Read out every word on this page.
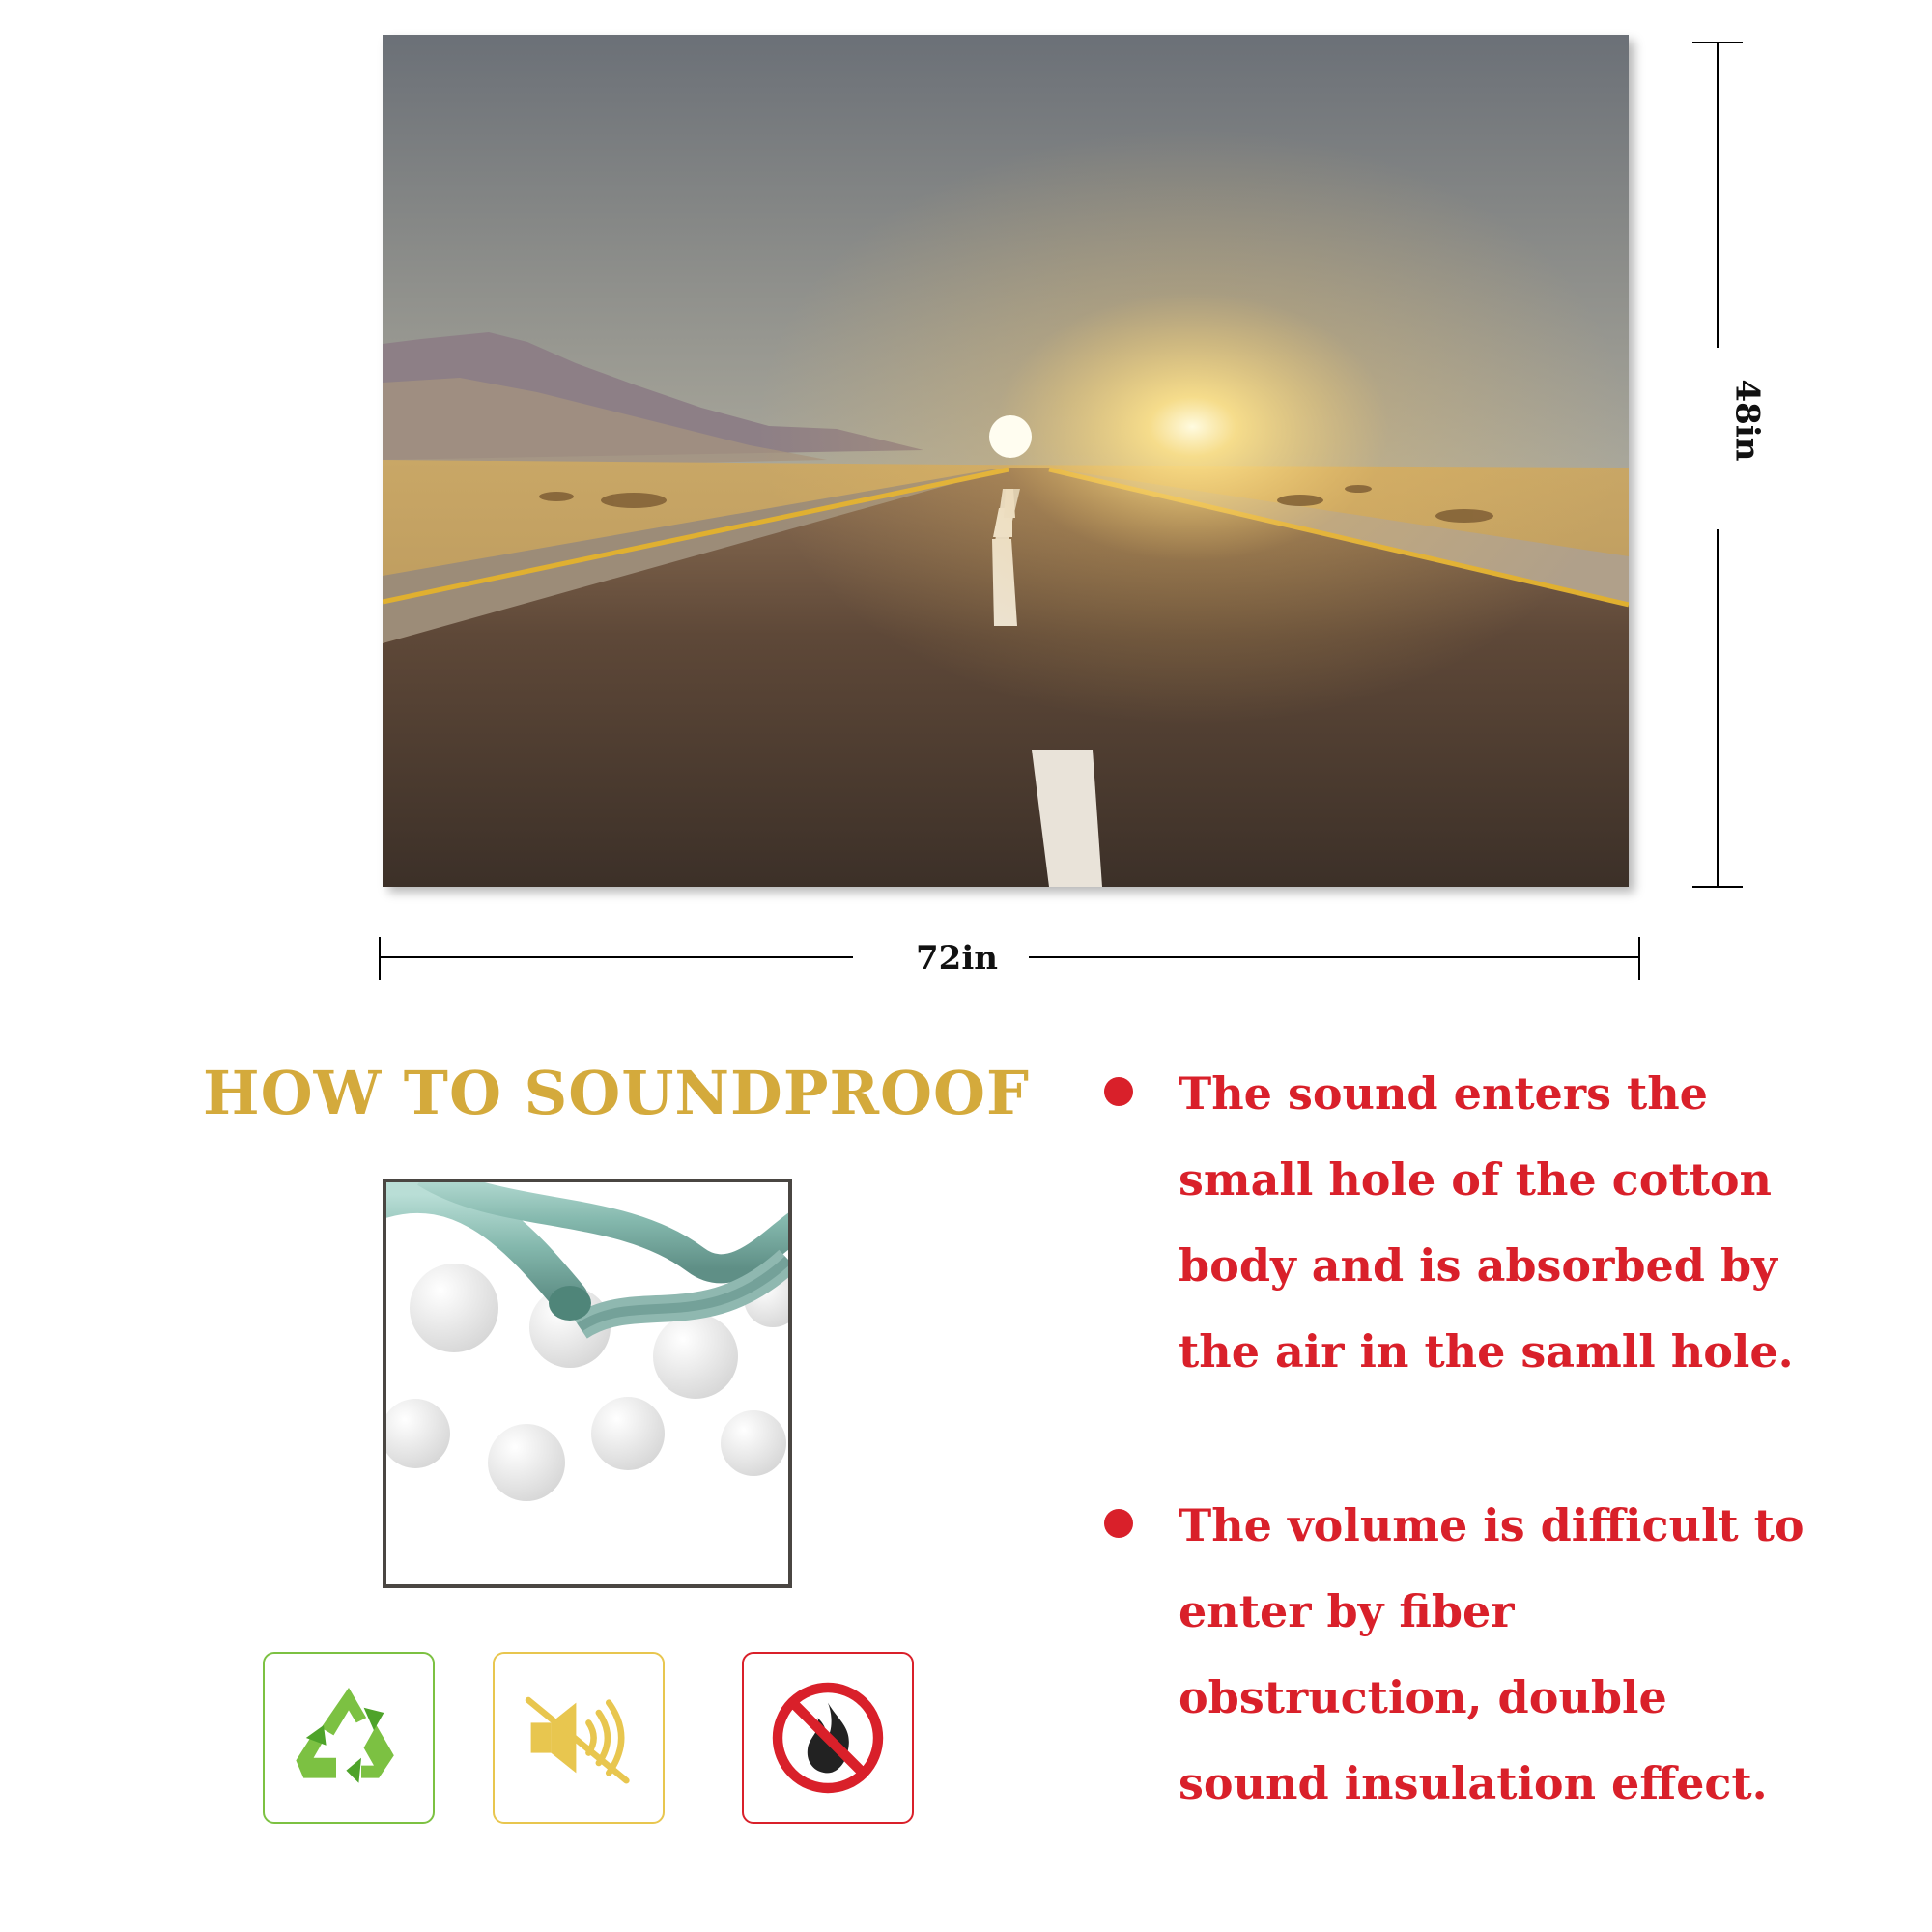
72in
48in
HOW TO SOUNDPROOF	The sound enters the small hole of the cotton body and is absorbed by the air in the samll hole.
The volume is difficult to enter by fiber obstruction, double sound insulation effect.
